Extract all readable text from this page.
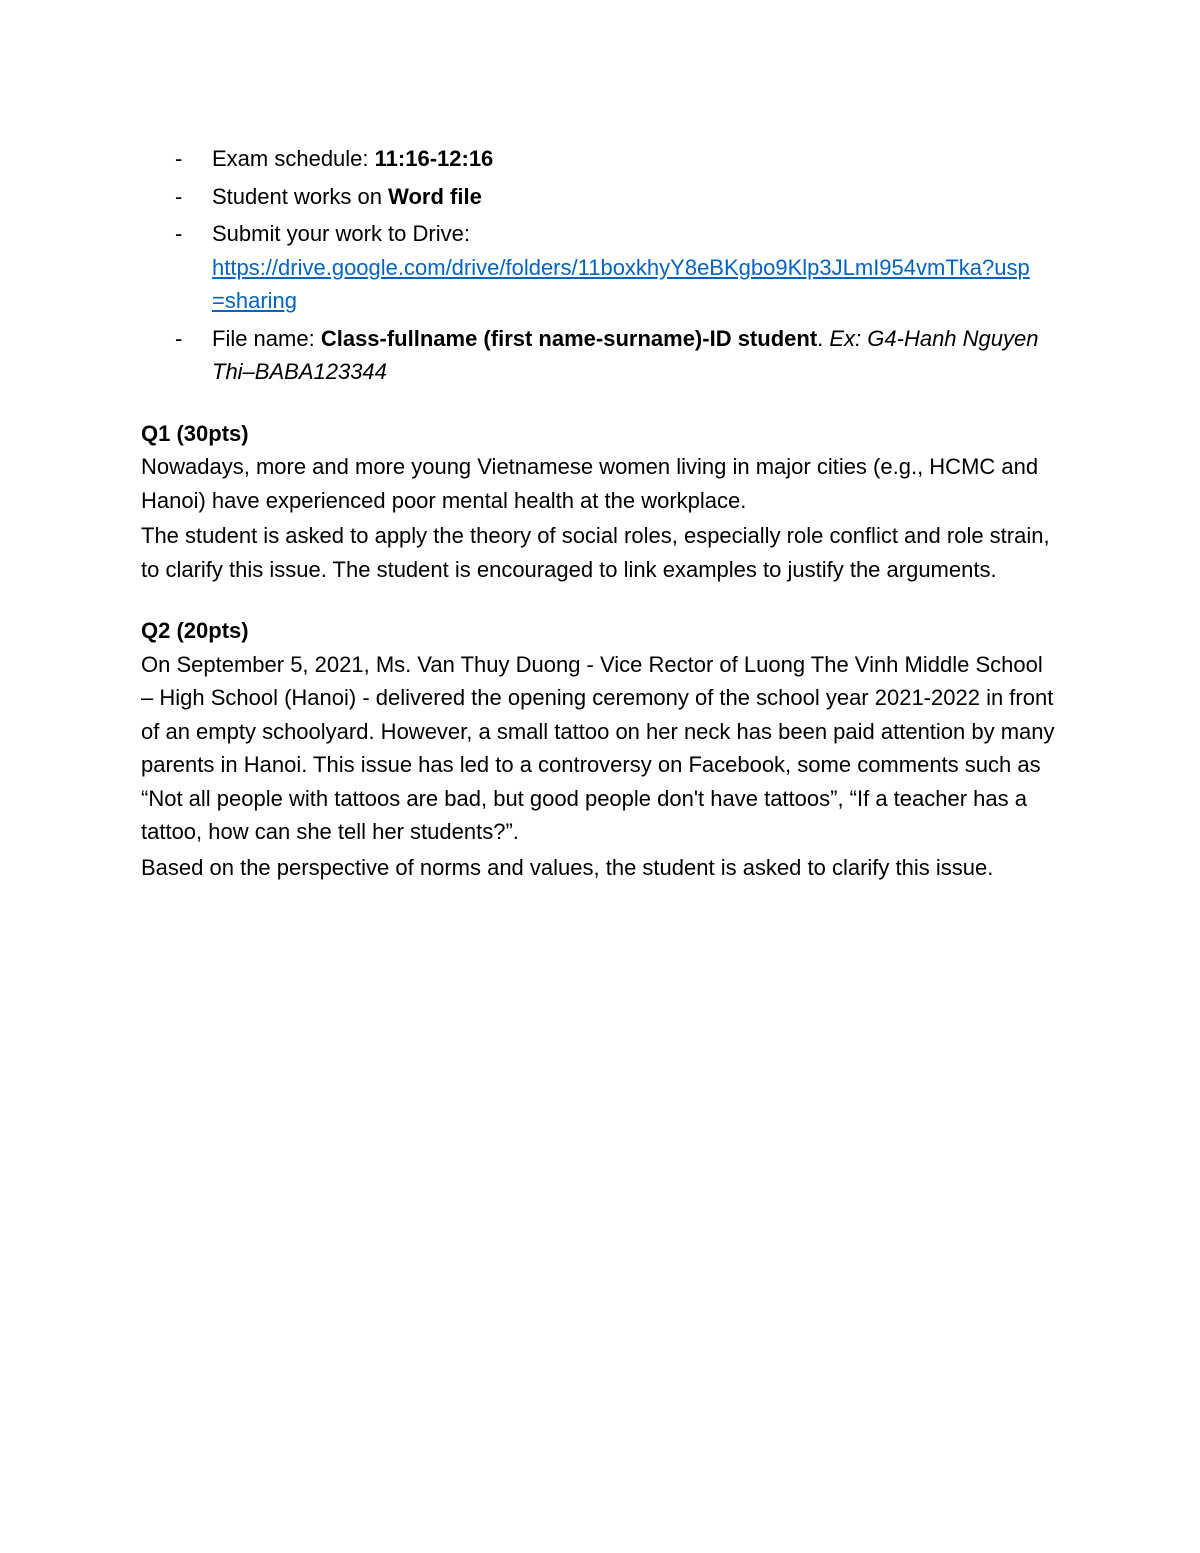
- Exam schedule: 11:16-12:16
- Student works on Word file
- Submit your work to Drive:
https://drive.google.com/drive/folders/11boxkhyY8eBKgbo9Klp3JLmI954vmTka?usp=sharing
- File name: Class-fullname (first name-surname)-ID student. Ex: G4-Hanh Nguyen Thi–BABA123344

Q1 (30pts)

Nowadays, more and more young Vietnamese women living in major cities (e.g., HCMC and Hanoi) have experienced poor mental health at the workplace.

The student is asked to apply the theory of social roles, especially role conflict and role strain, to clarify this issue. The student is encouraged to link examples to justify the arguments.

Q2 (20pts)

On September 5, 2021, Ms. Van Thuy Duong - Vice Rector of Luong The Vinh Middle School – High School (Hanoi) - delivered the opening ceremony of the school year 2021-2022 in front of an empty schoolyard. However, a small tattoo on her neck has been paid attention by many parents in Hanoi. This issue has led to a controversy on Facebook, some comments such as “Not all people with tattoos are bad, but good people don't have tattoos”, “If a teacher has a tattoo, how can she tell her students?”.

Based on the perspective of norms and values, the student is asked to clarify this issue.
